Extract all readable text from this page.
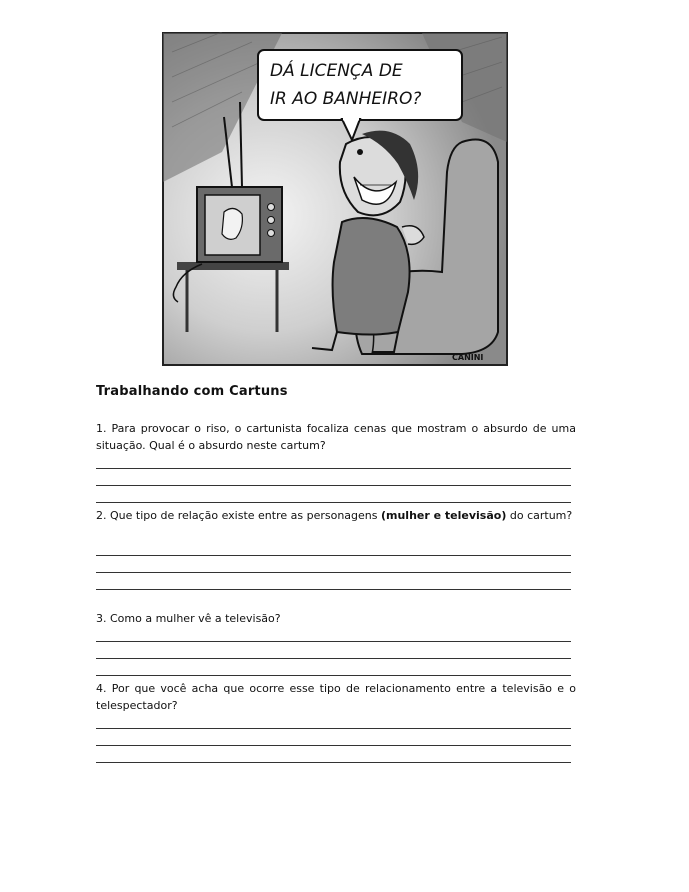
DÁ LICENÇA DE
IR AO BANHEIRO?
CANINI
Trabalhando com Cartuns
1. Para provocar o riso, o cartunista focaliza cenas que mostram o absurdo de uma situação. Qual é o absurdo neste cartum?
2. Que tipo de relação existe entre as personagens (mulher e televisão) do cartum?
3. Como a mulher vê a televisão?
4. Por que você acha que ocorre esse tipo de relacionamento entre a televisão e o telespectador?
